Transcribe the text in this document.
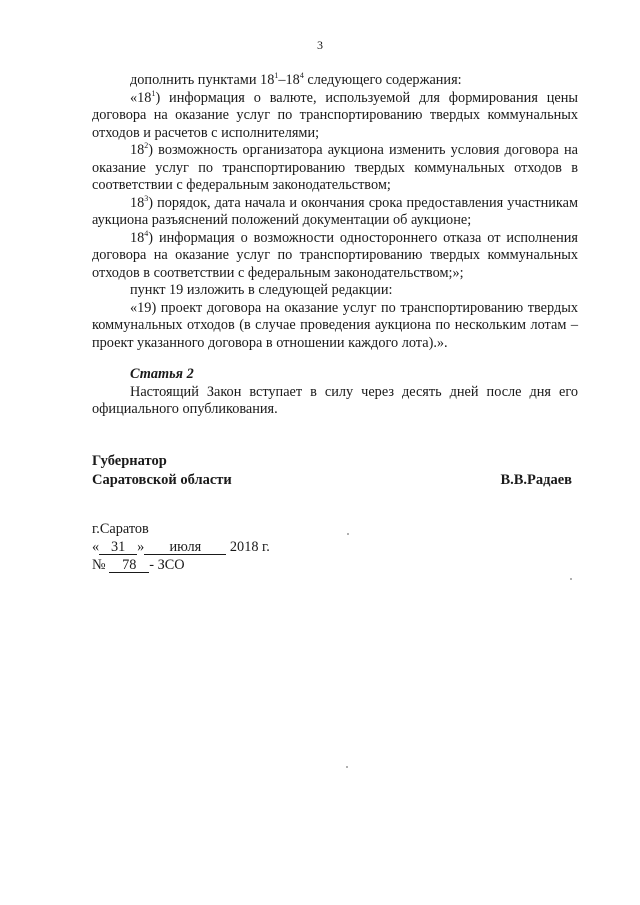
3

дополнить пунктами $18^1-18^4$ следующего содержания:

«$18^1$) информация о валюте, используемой для формирования цены договора на оказание услуг по транспортированию твердых коммунальных отходов и расчетов с исполнителями;

$18^2$) возможность организатора аукциона изменить условия договора на оказание услуг по транспортированию твердых коммунальных отходов в соответствии с федеральным законодательством;

$18^3$) порядок, дата начала и окончания срока предоставления участникам аукциона разъяснений положений документации об аукционе;

$18^4$) информация о возможности одностороннего отказа от исполнения договора на оказание услуг по транспортированию твердых коммунальных отходов в соответствии с федеральным законодательством;»;

пункт 19 изложить в следующей редакции:

«19) проект договора на оказание услуг по транспортированию твердых коммунальных отходов (в случае проведения аукциона по нескольким лотам – проект указанного договора в отношении каждого лота).».

Статья 2

Настоящий Закон вступает в силу через десять дней после дня его официального опубликования.

Губернатор
Саратовской области	В.В.Радаев
г.Саратов
« 31 » июля 2018 г.
№ 78 - ЗСО
